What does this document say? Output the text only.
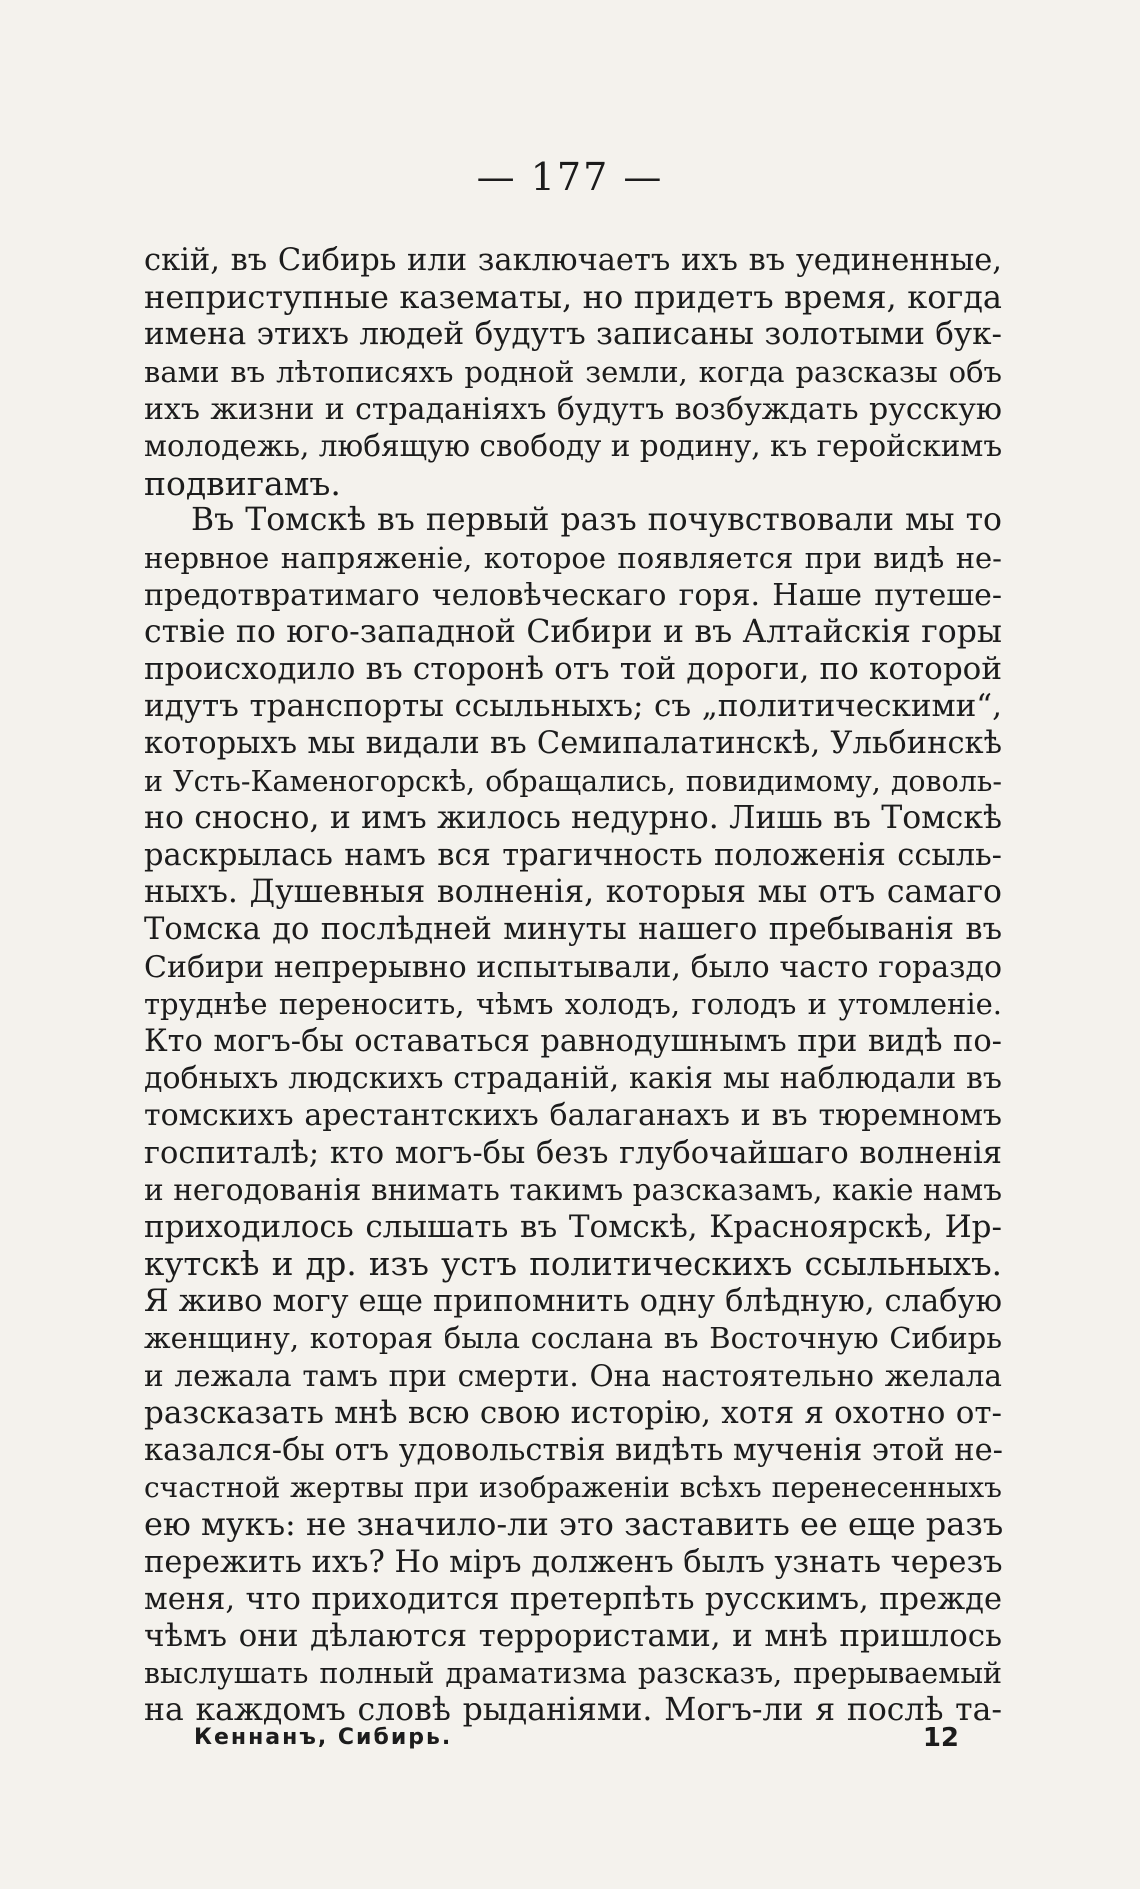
— 177 —
скій, въ Сибирь или заключаетъ ихъ въ уединенные,
неприступные казематы, но придетъ время, когда
имена этихъ людей будутъ записаны золотыми бук-
вами въ лѣтописяхъ родной земли, когда разсказы объ
ихъ жизни и страданіяхъ будутъ возбуждать русскую
молодежь, любящую свободу и родину, къ геройскимъ
подвигамъ.
Въ Томскѣ въ первый разъ почувствовали мы то
нервное напряженіе, которое появляется при видѣ не-
предотвратимаго человѣческаго горя. Наше путеше-
ствіе по юго-западной Сибири и въ Алтайскія горы
происходило въ сторонѣ отъ той дороги, по которой
идутъ транспорты ссыльныхъ; съ „политическими“,
которыхъ мы видали въ Семипалатинскѣ, Ульбинскѣ
и Усть-Каменогорскѣ, обращались, повидимому, доволь-
но сносно, и имъ жилось недурно. Лишь въ Томскѣ
раскрылась намъ вся трагичность положенія ссыль-
ныхъ. Душевныя волненія, которыя мы отъ самаго
Томска до послѣдней минуты нашего пребыванія въ
Сибири непрерывно испытывали, было часто гораздо
труднѣе переносить, чѣмъ холодъ, голодъ и утомленіе.
Кто могъ-бы оставаться равнодушнымъ при видѣ по-
добныхъ людскихъ страданій, какія мы наблюдали въ
томскихъ арестантскихъ балаганахъ и въ тюремномъ
госпиталѣ; кто могъ-бы безъ глубочайшаго волненія
и негодованія внимать такимъ разсказамъ, какіе намъ
приходилось слышать въ Томскѣ, Красноярскѣ, Ир-
кутскѣ и др. изъ устъ политическихъ ссыльныхъ.
Я живо могу еще припомнить одну блѣдную, слабую
женщину, которая была сослана въ Восточную Сибирь
и лежала тамъ при смерти. Она настоятельно желала
разсказать мнѣ всю свою исторію, хотя я охотно от-
казался-бы отъ удовольствія видѣть мученія этой не-
счастной жертвы при изображеніи всѣхъ перенесенныхъ
ею мукъ: не значило-ли это заставить ее еще разъ
пережить ихъ? Но міръ долженъ былъ узнать черезъ
меня, что приходится претерпѣть русскимъ, прежде
чѣмъ они дѣлаются террористами, и мнѣ пришлось
выслушать полный драматизма разсказъ, прерываемый
на каждомъ словѣ рыданіями. Могъ-ли я послѣ та-
Кеннанъ, Сибирь.	12
